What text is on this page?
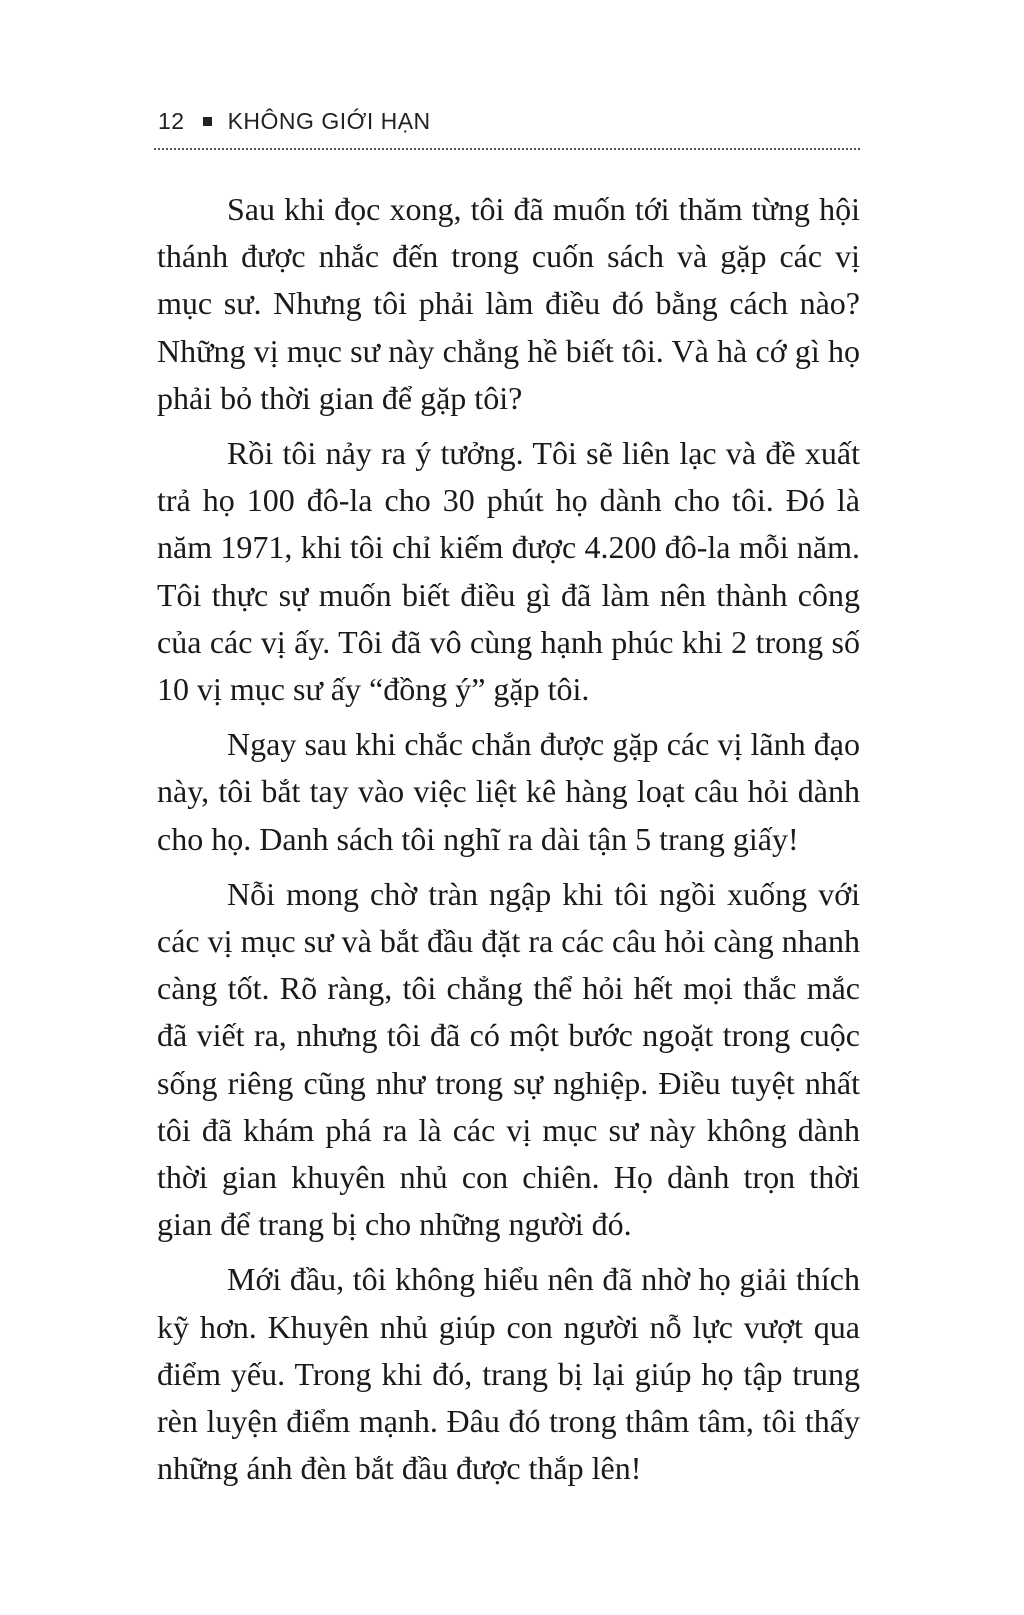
12 KHÔNG GIỚI HẠN

Sau khi đọc xong, tôi đã muốn tới thăm từng hội thánh được nhắc đến trong cuốn sách và gặp các vị mục sư. Nhưng tôi phải làm điều đó bằng cách nào? Những vị mục sư này chẳng hề biết tôi. Và hà cớ gì họ phải bỏ thời gian để gặp tôi?

Rồi tôi nảy ra ý tưởng. Tôi sẽ liên lạc và đề xuất trả họ 100 đô-la cho 30 phút họ dành cho tôi. Đó là năm 1971, khi tôi chỉ kiếm được 4.200 đô-la mỗi năm. Tôi thực sự muốn biết điều gì đã làm nên thành công của các vị ấy. Tôi đã vô cùng hạnh phúc khi 2 trong số 10 vị mục sư ấy “đồng ý” gặp tôi.

Ngay sau khi chắc chắn được gặp các vị lãnh đạo này, tôi bắt tay vào việc liệt kê hàng loạt câu hỏi dành cho họ. Danh sách tôi nghĩ ra dài tận 5 trang giấy!

Nỗi mong chờ tràn ngập khi tôi ngồi xuống với các vị mục sư và bắt đầu đặt ra các câu hỏi càng nhanh càng tốt. Rõ ràng, tôi chẳng thể hỏi hết mọi thắc mắc đã viết ra, nhưng tôi đã có một bước ngoặt trong cuộc sống riêng cũng như trong sự nghiệp. Điều tuyệt nhất tôi đã khám phá ra là các vị mục sư này không dành thời gian khuyên nhủ con chiên. Họ dành trọn thời gian để trang bị cho những người đó.

Mới đầu, tôi không hiểu nên đã nhờ họ giải thích kỹ hơn. Khuyên nhủ giúp con người nỗ lực vượt qua điểm yếu. Trong khi đó, trang bị lại giúp họ tập trung rèn luyện điểm mạnh. Đâu đó trong thâm tâm, tôi thấy những ánh đèn bắt đầu được thắp lên!
